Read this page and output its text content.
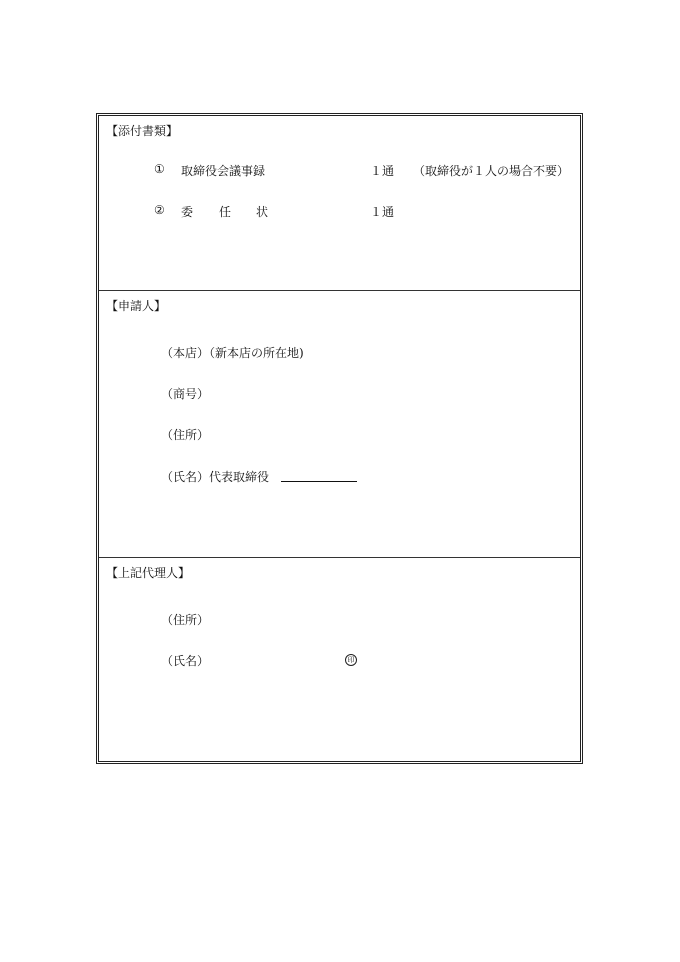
【添付書類】
① 取締役会議事録	１通 （取締役が１人の場合不要）
② 委 任 状	１通
【申請人】
（本店）（新本店の所在地)
（商号）
（住所）
（氏名）代表取締役
【上記代理人】
（住所）
（氏名）	印
